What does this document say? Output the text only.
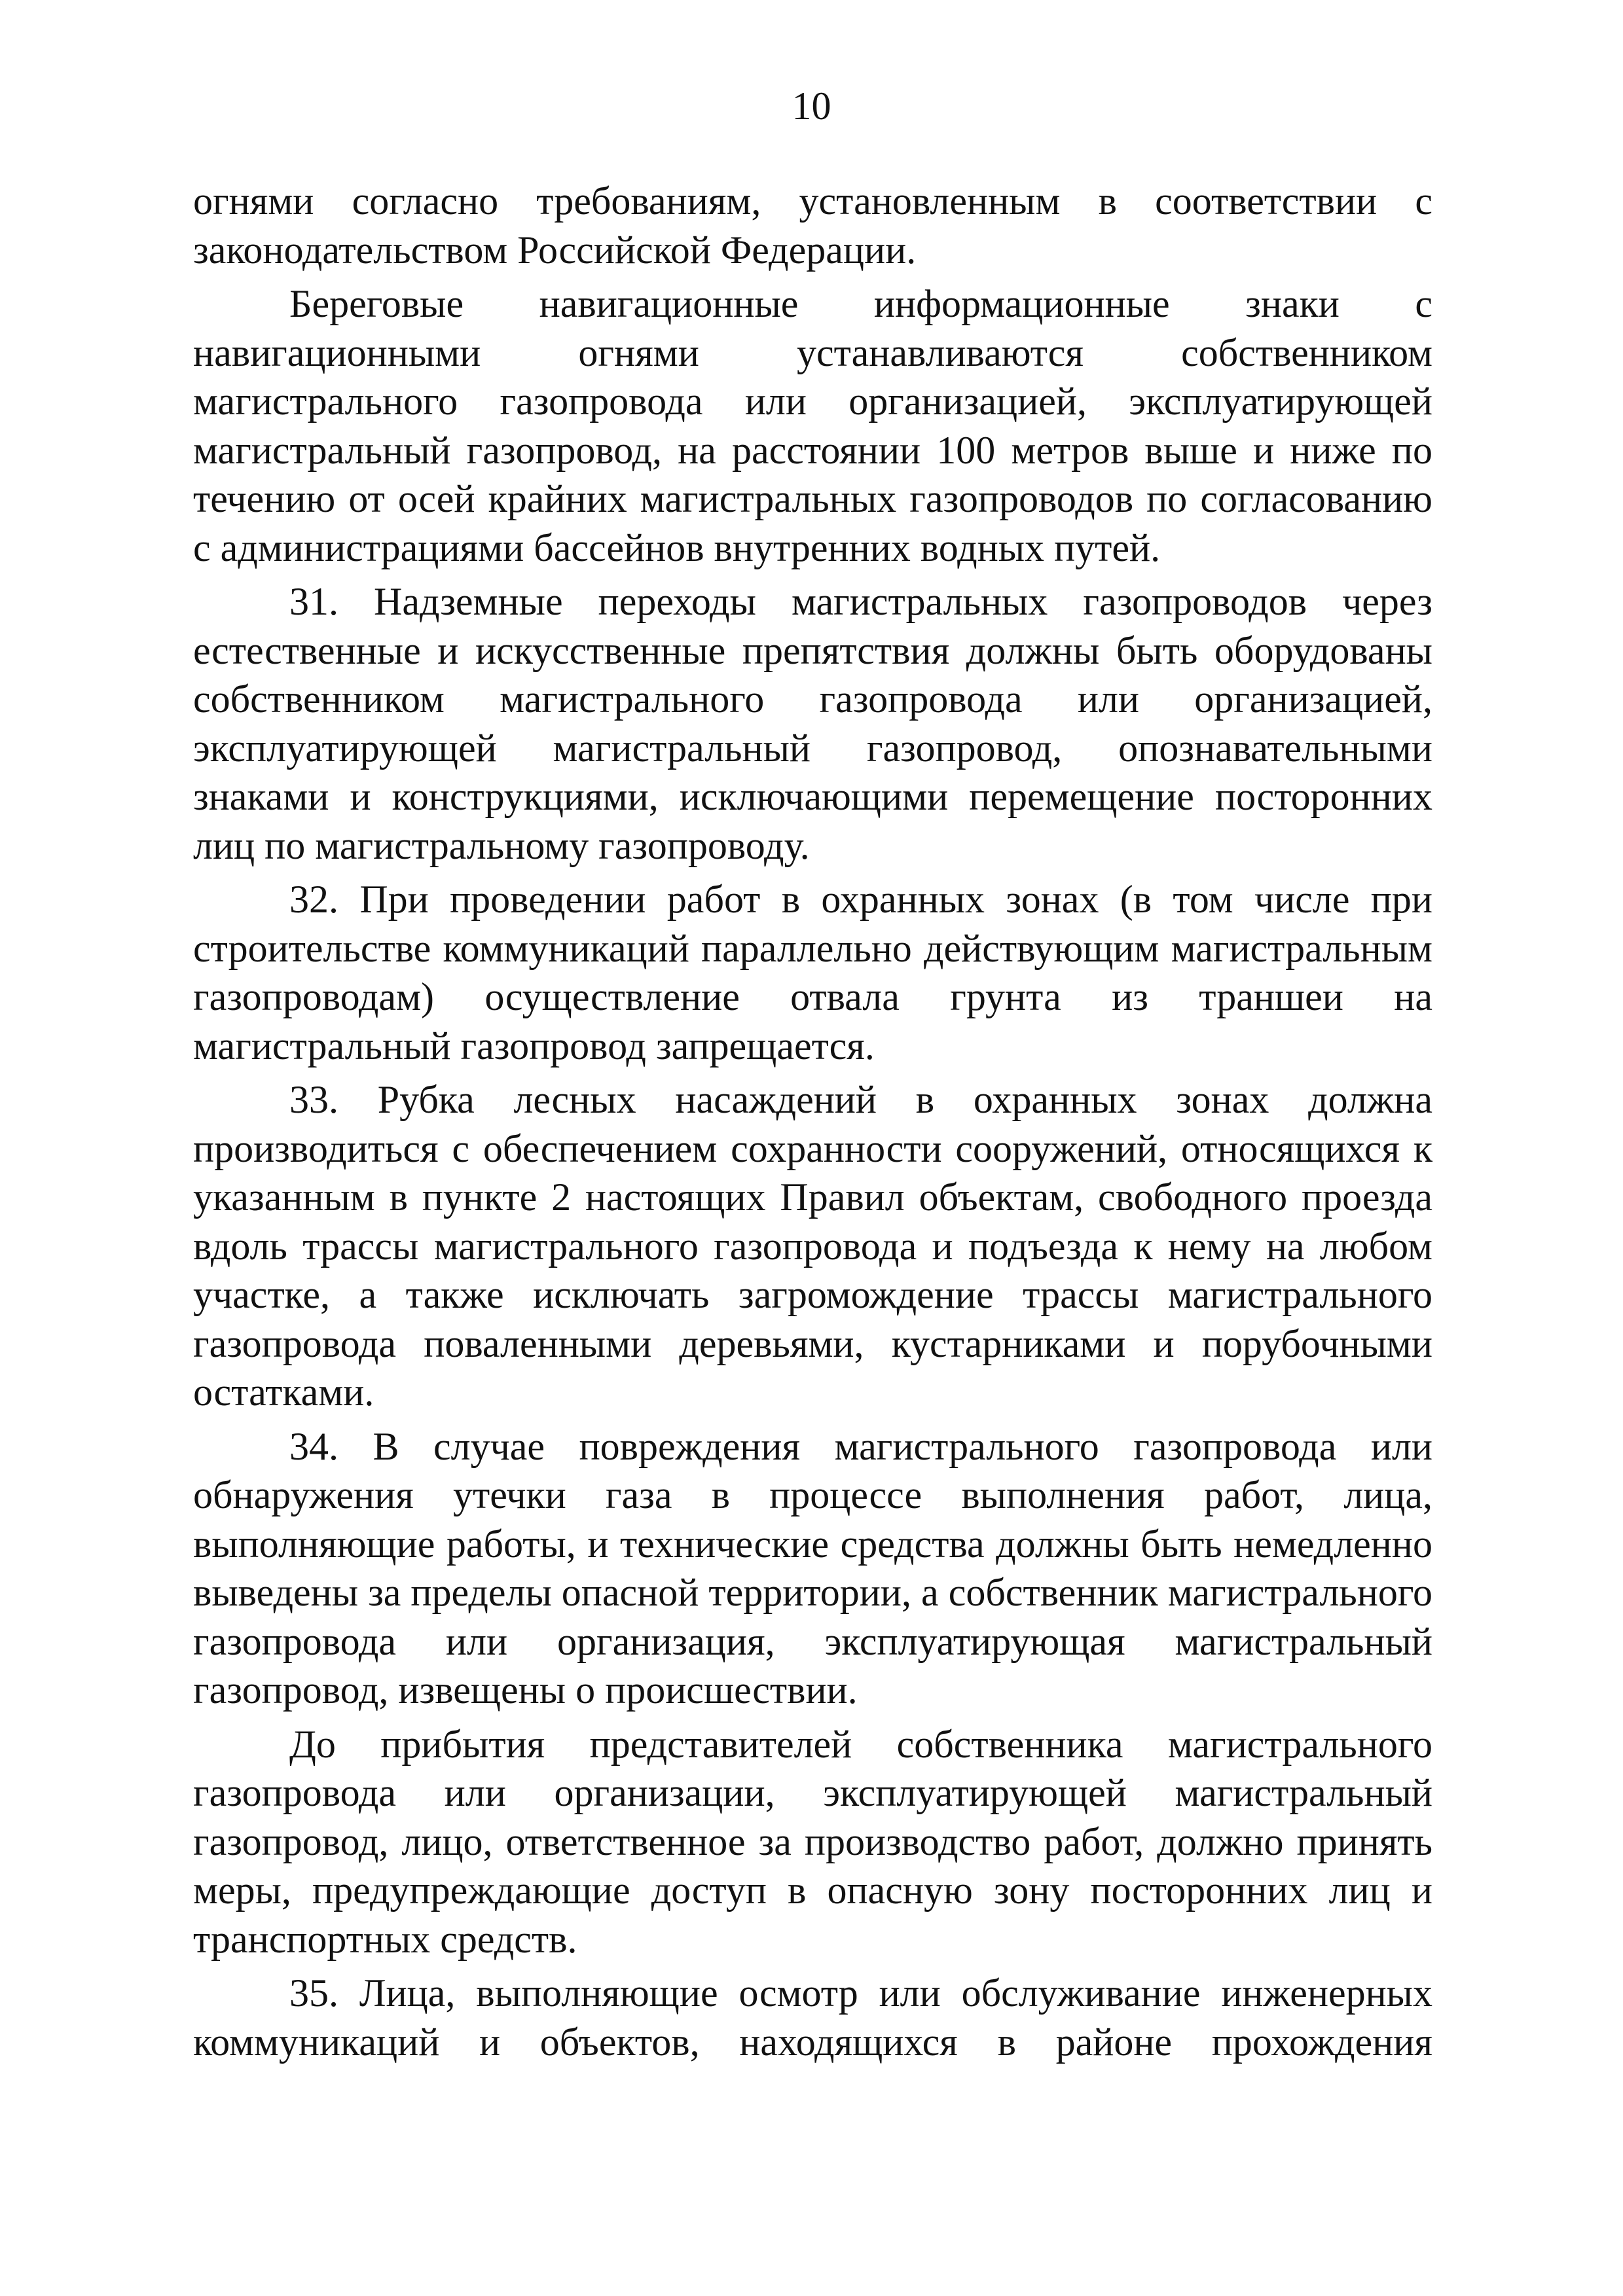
10

огнями согласно требованиям, установленным в соответствии с законодательством Российской Федерации.

Береговые навигационные информационные знаки с навигационными огнями устанавливаются собственником магистрального газопровода или организацией, эксплуатирующей магистральный газопровод, на расстоянии 100 метров выше и ниже по течению от осей крайних магистральных газопроводов по согласованию с администрациями бассейнов внутренних водных путей.

31. Надземные переходы магистральных газопроводов через естественные и искусственные препятствия должны быть оборудованы собственником магистрального газопровода или организацией, эксплуатирующей магистральный газопровод, опознавательными знаками и конструкциями, исключающими перемещение посторонних лиц по магистральному газопроводу.

32. При проведении работ в охранных зонах (в том числе при строительстве коммуникаций параллельно действующим магистральным газопроводам) осуществление отвала грунта из траншеи на магистральный газопровод запрещается.

33. Рубка лесных насаждений в охранных зонах должна производиться с обеспечением сохранности сооружений, относящихся к указанным в пункте 2 настоящих Правил объектам, свободного проезда вдоль трассы магистрального газопровода и подъезда к нему на любом участке, а также исключать загромождение трассы магистрального газопровода поваленными деревьями, кустарниками и порубочными остатками.

34. В случае повреждения магистрального газопровода или обнаружения утечки газа в процессе выполнения работ, лица, выполняющие работы, и технические средства должны быть немедленно выведены за пределы опасной территории, а собственник магистрального газопровода или организация, эксплуатирующая магистральный газопровод, извещены о происшествии.

До прибытия представителей собственника магистрального газопровода или организации, эксплуатирующей магистральный газопровод, лицо, ответственное за производство работ, должно принять меры, предупреждающие доступ в опасную зону посторонних лиц и транспортных средств.

35. Лица, выполняющие осмотр или обслуживание инженерных коммуникаций и объектов, находящихся в районе прохождения
